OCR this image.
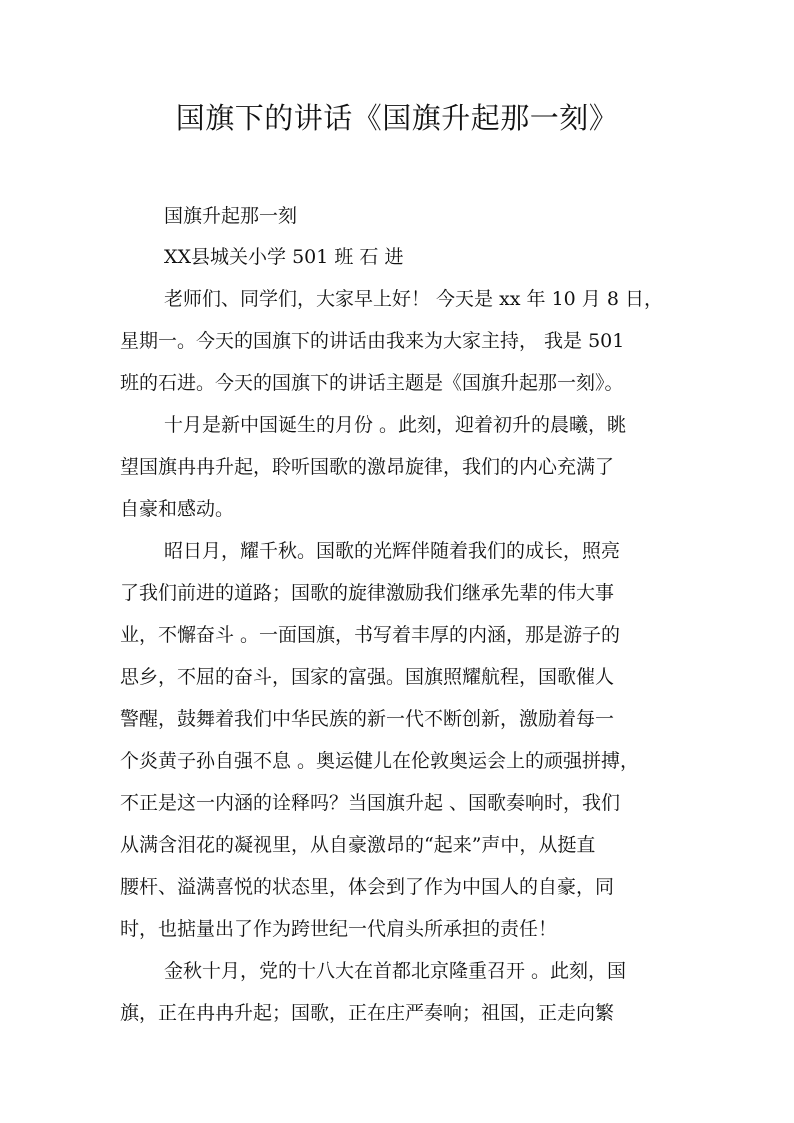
国旗下的讲话《国旗升起那一刻》

国旗升起那一刻

XX县城关小学 501 班 石 进

老师们、同学们，大家早上好！ 今天是 xx 年 10 月 8 日，

星期一。今天的国旗下的讲话由我来为大家主持， 我是 501

班的石进。今天的国旗下的讲话主题是《国旗升起那一刻》。

十月是新中国诞生的月份 。此刻，迎着初升的晨曦，眺

望国旗冉冉升起，聆听国歌的激昂旋律，我们的内心充满了

自豪和感动。

昭日月，耀千秋。国歌的光辉伴随着我们的成长，照亮

了我们前进的道路；国歌的旋律激励我们继承先辈的伟大事

业，不懈奋斗 。一面国旗，书写着丰厚的内涵，那是游子的

思乡，不屈的奋斗，国家的富强。国旗照耀航程，国歌催人

警醒，鼓舞着我们中华民族的新一代不断创新，激励着每一

个炎黄子孙自强不息 。奥运健儿在伦敦奥运会上的顽强拼搏，

不正是这一内涵的诠释吗？当国旗升起 、国歌奏响时，我们

从满含泪花的凝视里，从自豪激昂的“起来”声中，从挺直

腰杆、溢满喜悦的状态里，体会到了作为中国人的自豪，同

时，也掂量出了作为跨世纪一代肩头所承担的责任！

金秋十月，党的十八大在首都北京隆重召开 。此刻，国

旗，正在冉冉升起；国歌，正在庄严奏响；祖国，正走向繁
